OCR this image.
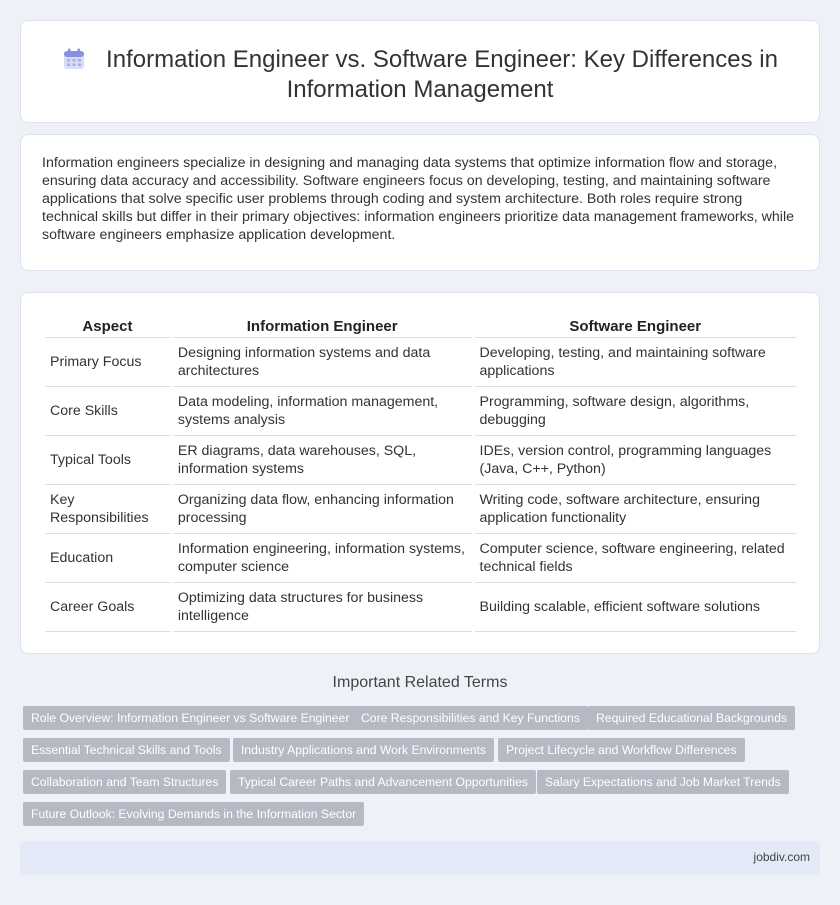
Information Engineer vs. Software Engineer: Key Differences in Information Management

Information engineers specialize in designing and managing data systems that optimize information flow and storage, ensuring data accuracy and accessibility. Software engineers focus on developing, testing, and maintaining software applications that solve specific user problems through coding and system architecture. Both roles require strong technical skills but differ in their primary objectives: information engineers prioritize data management frameworks, while software engineers emphasize application development.

Aspect	Information Engineer	Software Engineer
Primary Focus	Designing information systems and data architectures	Developing, testing, and maintaining software applications
Core Skills	Data modeling, information management, systems analysis	Programming, software design, algorithms, debugging
Typical Tools	ER diagrams, data warehouses, SQL, information systems	IDEs, version control, programming languages (Java, C++, Python)
Key Responsibilities	Organizing data flow, enhancing information processing	Writing code, software architecture, ensuring application functionality
Education	Information engineering, information systems, computer science	Computer science, software engineering, related technical fields
Career Goals	Optimizing data structures for business intelligence	Building scalable, efficient software solutions
Important Related Terms
Role Overview: Information Engineer vs Software Engineer Core Responsibilities and Key Functions	Required Educational Backgrounds
Essential Technical Skills and Tools	Industry Applications and Work Environments	Project Lifecycle and Workflow Differences
Collaboration and Team Structures	Typical Career Paths and Advancement Opportunities	Salary Expectations and Job Market Trends
Future Outlook: Evolving Demands in the Information Sector
jobdiv.com
